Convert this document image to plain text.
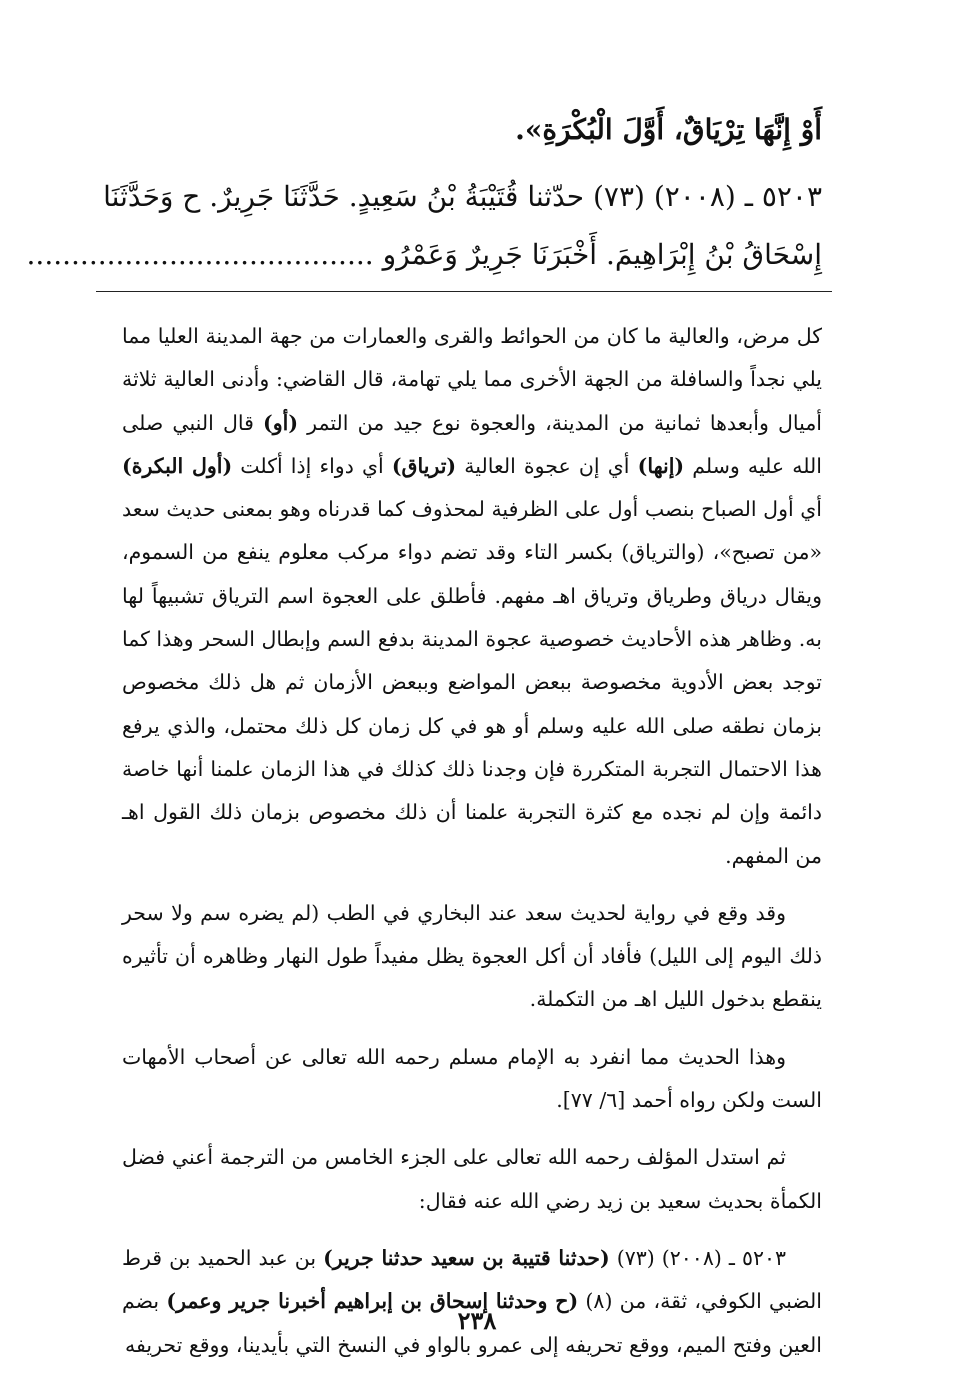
أَوْ إِنَّهَا تِرْيَاقٌ، أَوَّلَ الْبُكْرَةِ».
٥٢٠٣ ـ (٢٠٠٨) (٧٣) حدّثنا قُتَيْبَةُ بْنُ سَعِيدٍ. حَدَّثَنَا جَرِيرٌ. ح وَحَدَّثَنَا
إِسْحَاقُ بْنُ إِبْرَاهِيمَ. أَخْبَرَنَا جَرِيرٌ وَعَمْرُو .......................................

كل مرض، والعالية ما كان من الحوائط والقرى والعمارات من جهة المدينة العليا مما يلي نجداً والسافلة من الجهة الأخرى مما يلي تهامة، قال القاضي: وأدنى العالية ثلاثة أميال وأبعدها ثمانية من المدينة، والعجوة نوع جيد من التمر (أو) قال النبي صلى الله عليه وسلم (إنها) أي إن عجوة العالية (ترياق) أي دواء إذا أكلت (أول البكرة) أي أول الصباح بنصب أول على الظرفية لمحذوف كما قدرناه وهو بمعنى حديث سعد «من تصبح»، (والترياق) بكسر التاء وقد تضم دواء مركب معلوم ينفع من السموم، ويقال درياق وطرياق وترياق اهـ مفهم. فأطلق على العجوة اسم الترياق تشبيهاً لها به. وظاهر هذه الأحاديث خصوصية عجوة المدينة بدفع السم وإبطال السحر وهذا كما توجد بعض الأدوية مخصوصة ببعض المواضع وببعض الأزمان ثم هل ذلك مخصوص بزمان نطقه صلى الله عليه وسلم أو هو في كل زمان كل ذلك محتمل، والذي يرفع هذا الاحتمال التجربة المتكررة فإن وجدنا ذلك كذلك في هذا الزمان علمنا أنها خاصة دائمة وإن لم نجده مع كثرة التجربة علمنا أن ذلك مخصوص بزمان ذلك القول اهـ من المفهم.

وقد وقع في رواية لحديث سعد عند البخاري في الطب (لم يضره سم ولا سحر ذلك اليوم إلى الليل) فأفاد أن أكل العجوة يظل مفيداً طول النهار وظاهره أن تأثيره ينقطع بدخول الليل اهـ من التكملة.

وهذا الحديث مما انفرد به الإمام مسلم رحمه الله تعالى عن أصحاب الأمهات الست ولكن رواه أحمد [٦/ ٧٧].

ثم استدل المؤلف رحمه الله تعالى على الجزء الخامس من الترجمة أعني فضل الكمأة بحديث سعيد بن زيد رضي الله عنه فقال:

٥٢٠٣ ـ (٢٠٠٨) (٧٣) (حدثنا قتيبة بن سعيد حدثنا جرير) بن عبد الحميد بن قرط الضبي الكوفي، ثقة، من (٨) (ح وحدثنا إسحاق بن إبراهيم أخبرنا جرير وعمر) بضم العين وفتح الميم، ووقع تحريفه إلى عمرو بالواو في النسخ التي بأيدينا، ووقع تحريفه

٢٣٨
